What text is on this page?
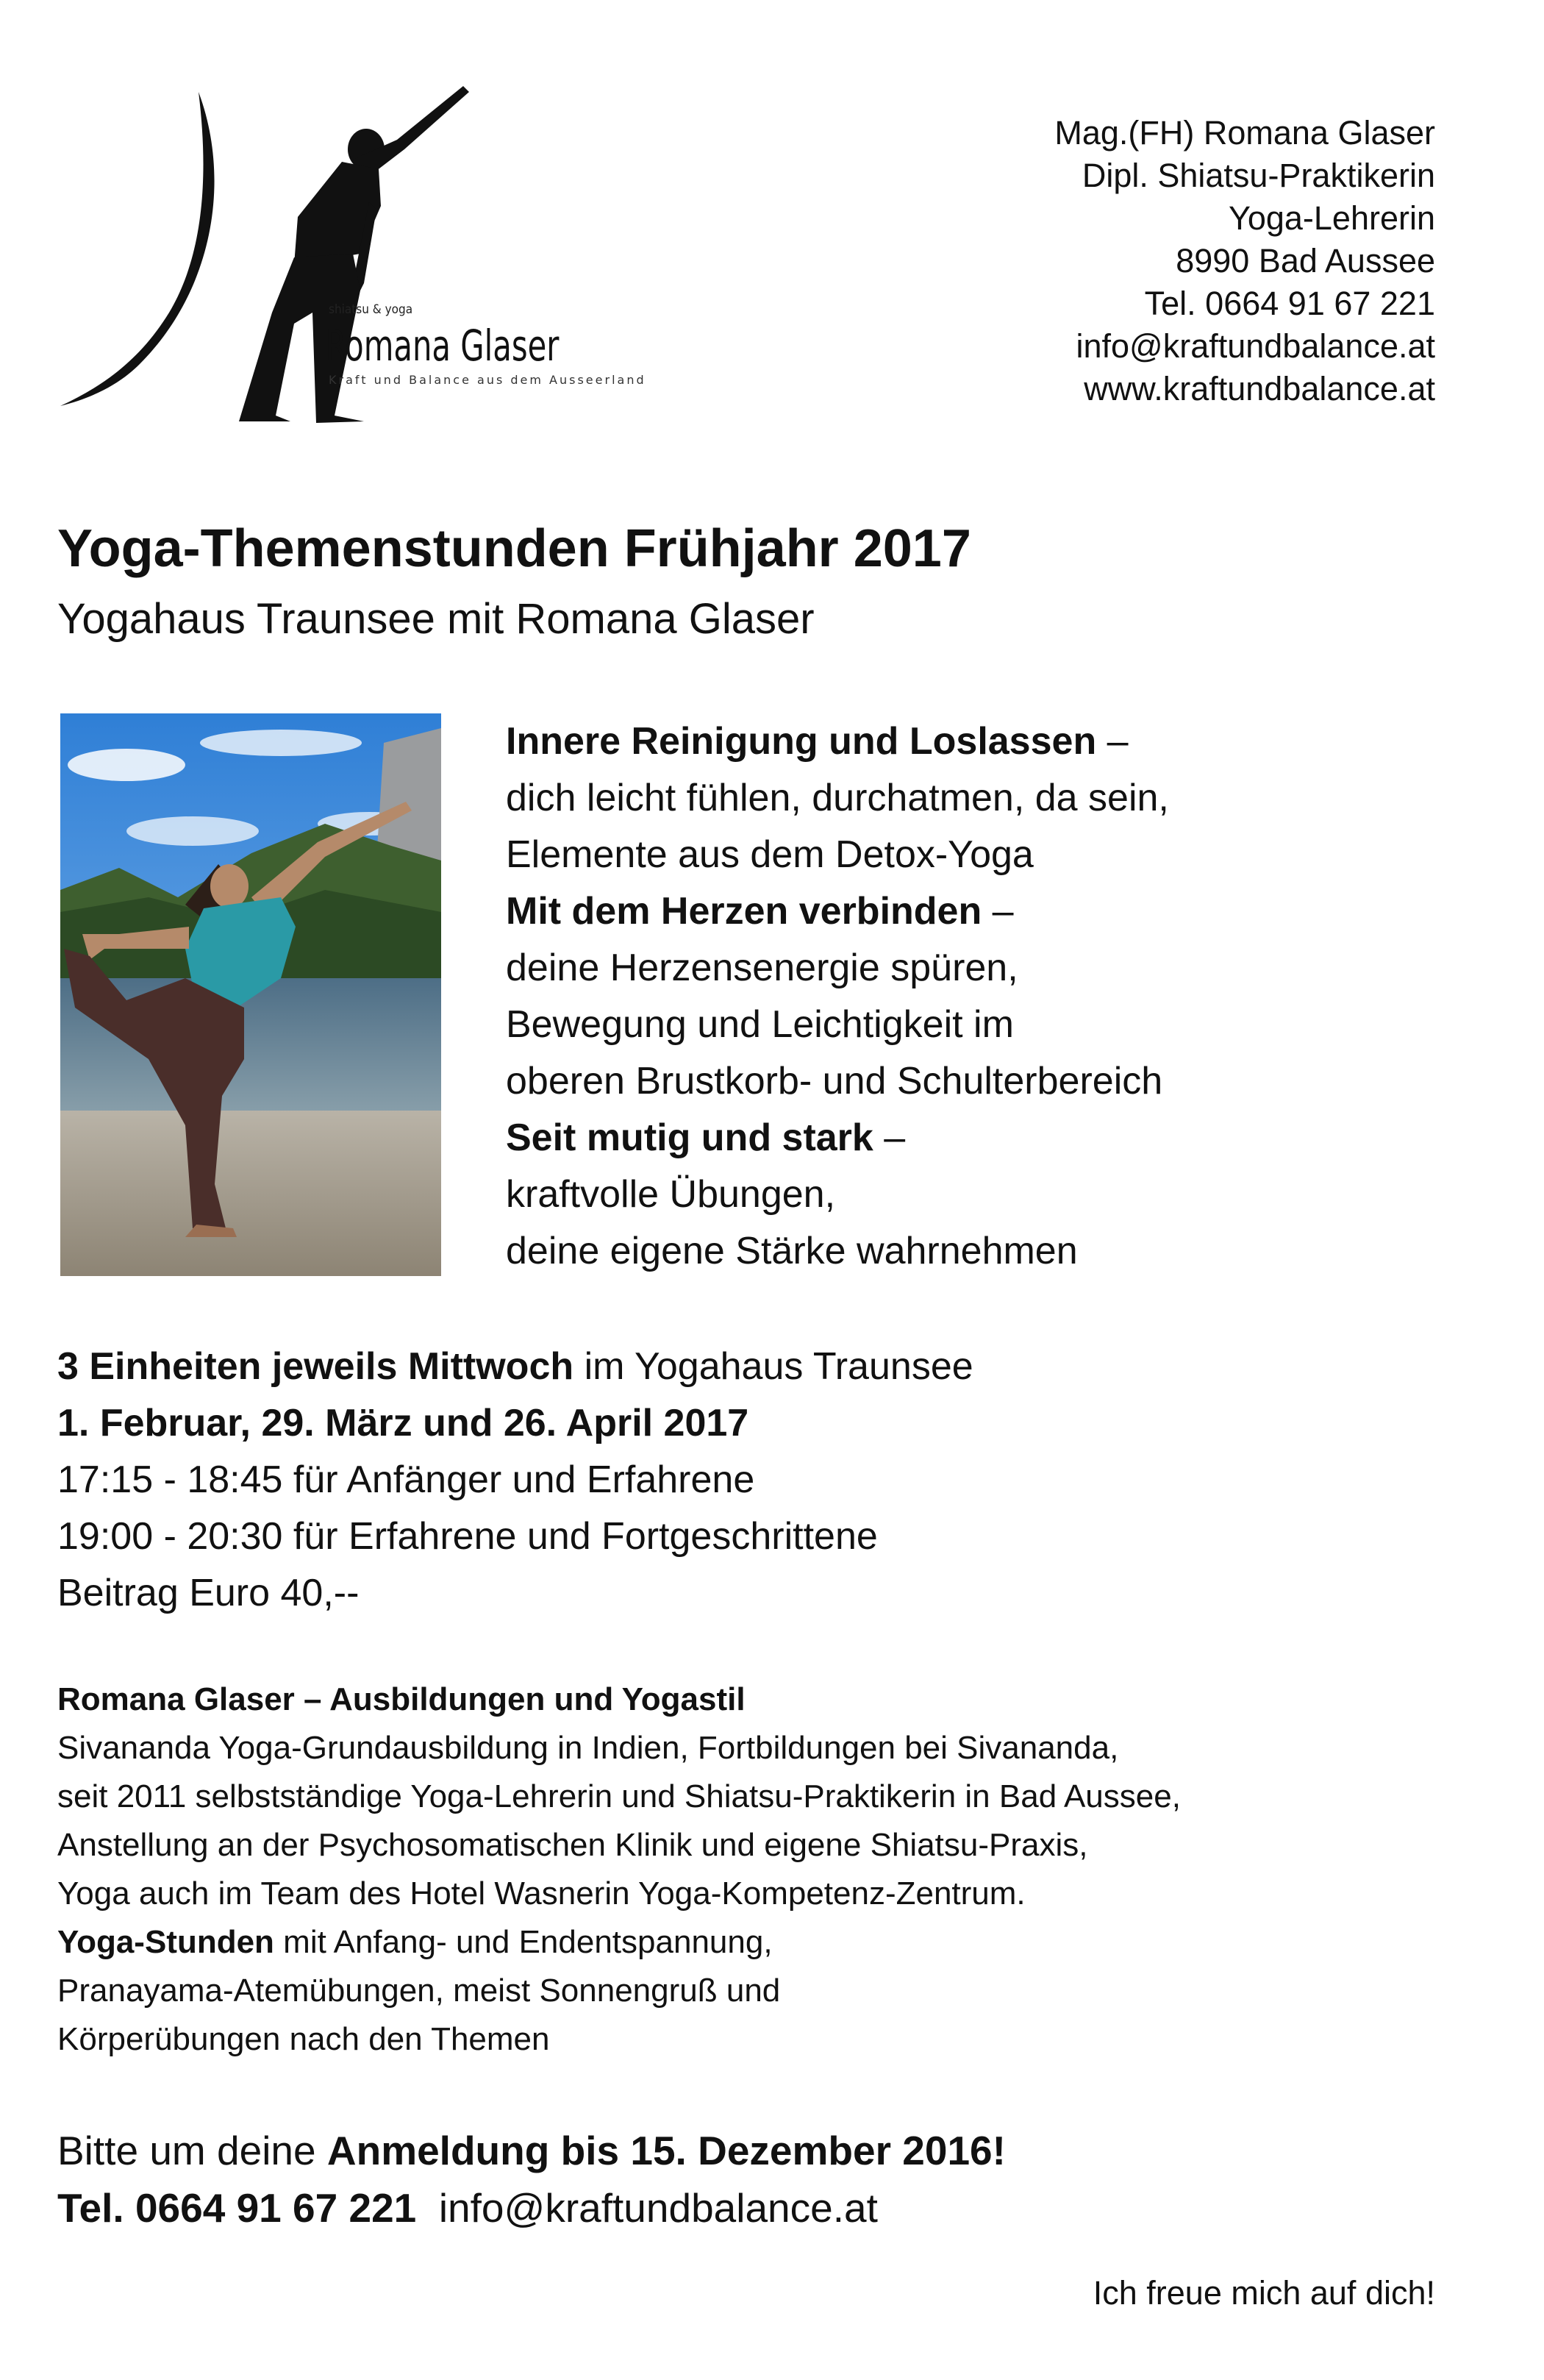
shiatsu & yoga
Romana Glaser
Kraft und Balance aus dem Ausseerland
Mag.(FH) Romana Glaser
Dipl. Shiatsu-Praktikerin
Yoga-Lehrerin
8990 Bad Aussee
Tel. 0664 91 67 221
info@kraftundbalance.at
www.kraftundbalance.at
Yoga-Themenstunden Frühjahr 2017
Yogahaus Traunsee mit Romana Glaser
Innere Reinigung und Loslassen –
dich leicht fühlen, durchatmen, da sein,
Elemente aus dem Detox-Yoga
Mit dem Herzen verbinden –
deine Herzensenergie spüren,
Bewegung und Leichtigkeit im
oberen Brustkorb- und Schulterbereich
Seit mutig und stark –
kraftvolle Übungen,
deine eigene Stärke wahrnehmen
3 Einheiten jeweils Mittwoch im Yogahaus Traunsee
1. Februar, 29. März und 26. April 2017
17:15 - 18:45 für Anfänger und Erfahrene
19:00 - 20:30 für Erfahrene und Fortgeschrittene
Beitrag Euro 40,--
Romana Glaser – Ausbildungen und Yogastil
Sivananda Yoga-Grundausbildung in Indien, Fortbildungen bei Sivananda,
seit 2011 selbstständige Yoga-Lehrerin und Shiatsu-Praktikerin in Bad Aussee,
Anstellung an der Psychosomatischen Klinik und eigene Shiatsu-Praxis,
Yoga auch im Team des Hotel Wasnerin Yoga-Kompetenz-Zentrum.
Yoga-Stunden mit Anfang- und Endentspannung,
Pranayama-Atemübungen, meist Sonnengruß und
Körperübungen nach den Themen
Bitte um deine Anmeldung bis 15. Dezember 2016!
Tel. 0664 91 67 221 info@kraftundbalance.at
Ich freue mich auf dich!
